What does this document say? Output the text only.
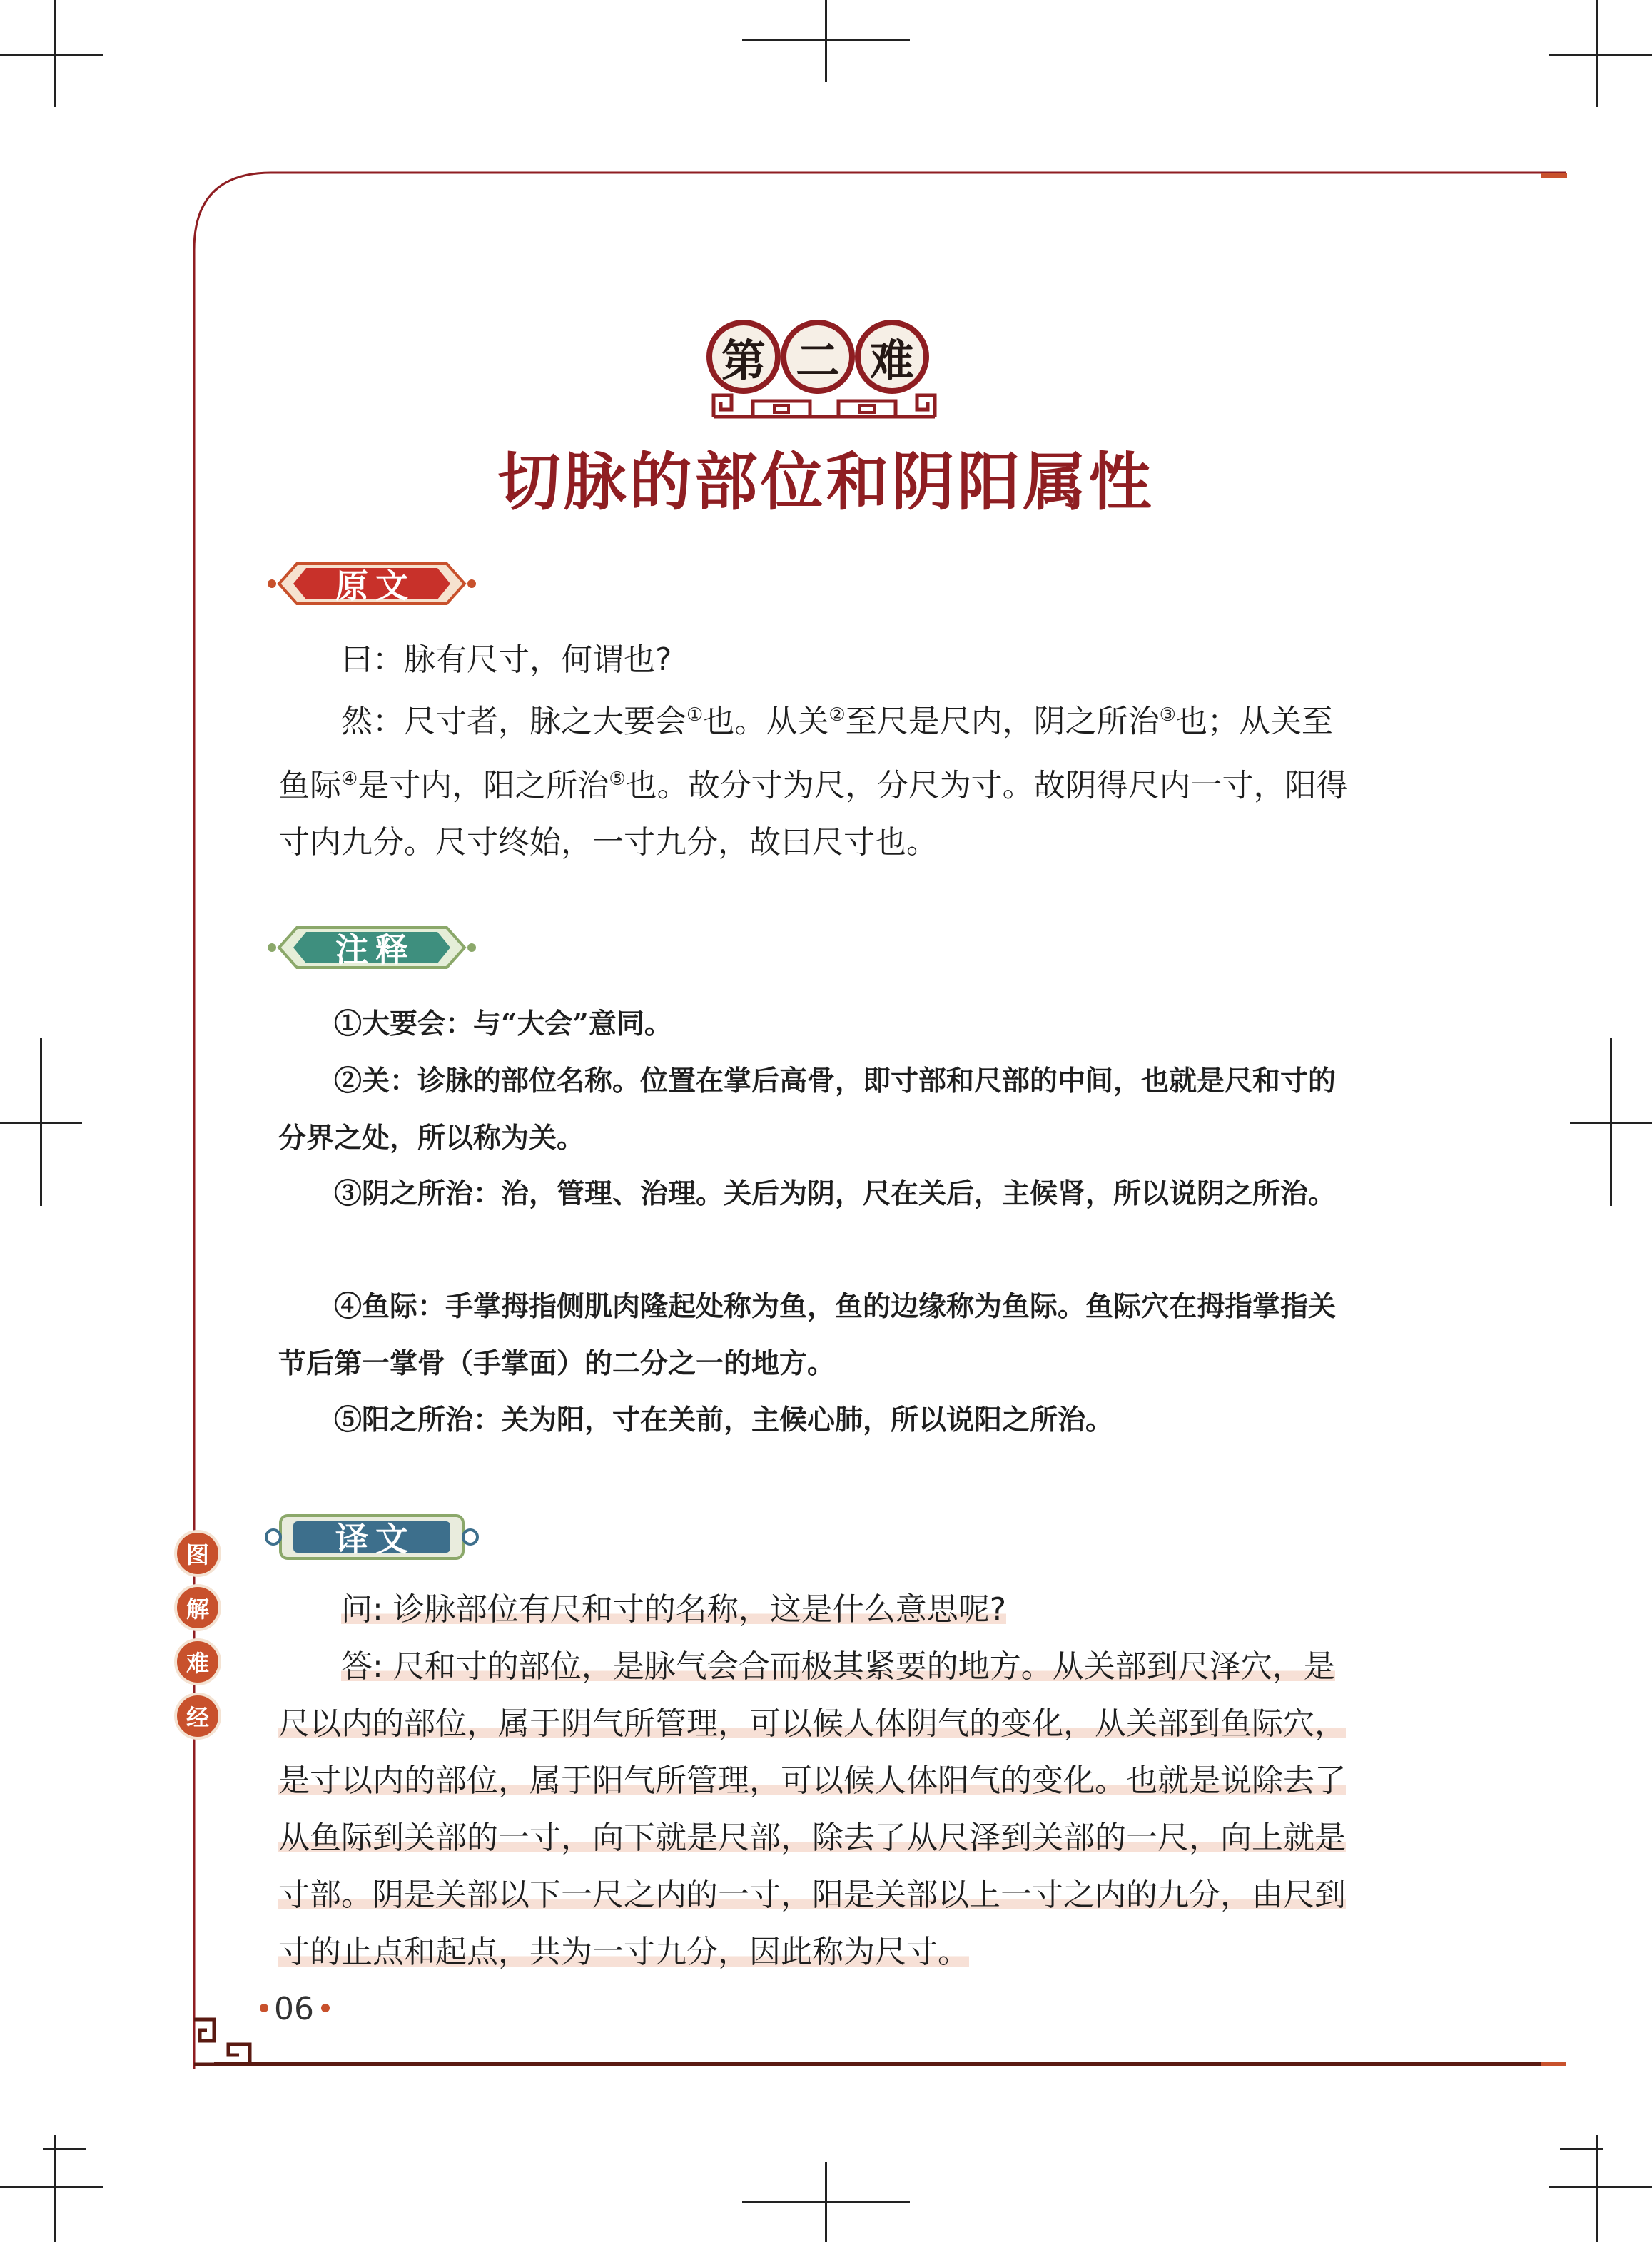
第 二 难
切脉的部位和阴阳属性
原文
曰：脉有尺寸，何谓也?
然：尺寸者，脉之大要会①也。从关②至尺是尺内，阴之所治③也；从关至鱼际④是寸内，阳之所治⑤也。故分寸为尺，分尺为寸。故阴得尺内一寸，阳得寸内九分。尺寸终始，一寸九分，故曰尺寸也。
注释
①大要会：与“大会”意同。
②关：诊脉的部位名称。位置在掌后高骨，即寸部和尺部的中间，也就是尺和寸的分界之处，所以称为关。
③阴之所治：治，管理、治理。关后为阴，尺在关后，主候肾，所以说阴之所治。
④鱼际：手掌拇指侧肌肉隆起处称为鱼，鱼的边缘称为鱼际。鱼际穴在拇指掌指关节后第一掌骨（手掌面）的二分之一的地方。
⑤阳之所治：关为阳，寸在关前，主候心肺，所以说阳之所治。
译文
问: 诊脉部位有尺和寸的名称，这是什么意思呢?
答: 尺和寸的部位，是脉气会合而极其紧要的地方。从关部到尺泽穴，是
尺以内的部位，属于阴气所管理，可以候人体阴气的变化，从关部到鱼际穴，
是寸以内的部位，属于阳气所管理，可以候人体阳气的变化。也就是说除去了
从鱼际到关部的一寸，向下就是尺部，除去了从尺泽到关部的一尺，向上就是
寸部。阴是关部以下一尺之内的一寸，阳是关部以上一寸之内的九分，由尺到
寸的止点和起点，共为一寸九分，因此称为尺寸。
图
解
难
经
06
